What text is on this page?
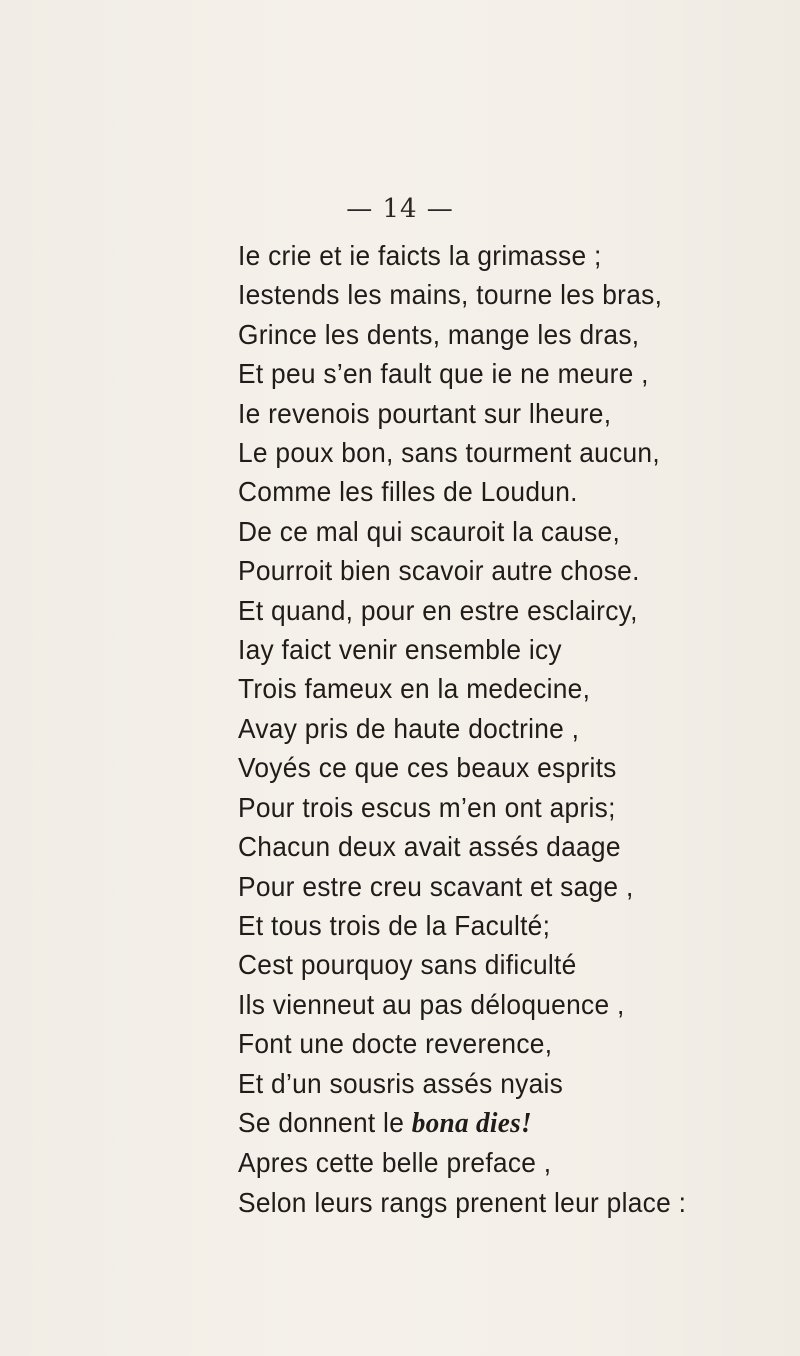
— 14 —
Ie crie et ie faicts la grimasse ;
Iestends les mains, tourne les bras,
Grince les dents, mange les dras,
Et peu s’en fault que ie ne meure ,
Ie revenois pourtant sur lheure,
Le poux bon, sans tourment aucun,
Comme les filles de Loudun.
De ce mal qui scauroit la cause,
Pourroit bien scavoir autre chose.
Et quand, pour en estre esclaircy,
Iay faict venir ensemble icy
Trois fameux en la medecine,
Avay pris de haute doctrine ,
Voyés ce que ces beaux esprits
Pour trois escus m’en ont apris;
Chacun deux avait assés daage
Pour estre creu scavant et sage ,
Et tous trois de la Faculté;
Cest pourquoy sans dificulté
Ils vienneut au pas déloquence ,
Font une docte reverence,
Et d’un sousris assés nyais
Se donnent le bona dies!
Apres cette belle preface ,
Selon leurs rangs prenent leur place :
